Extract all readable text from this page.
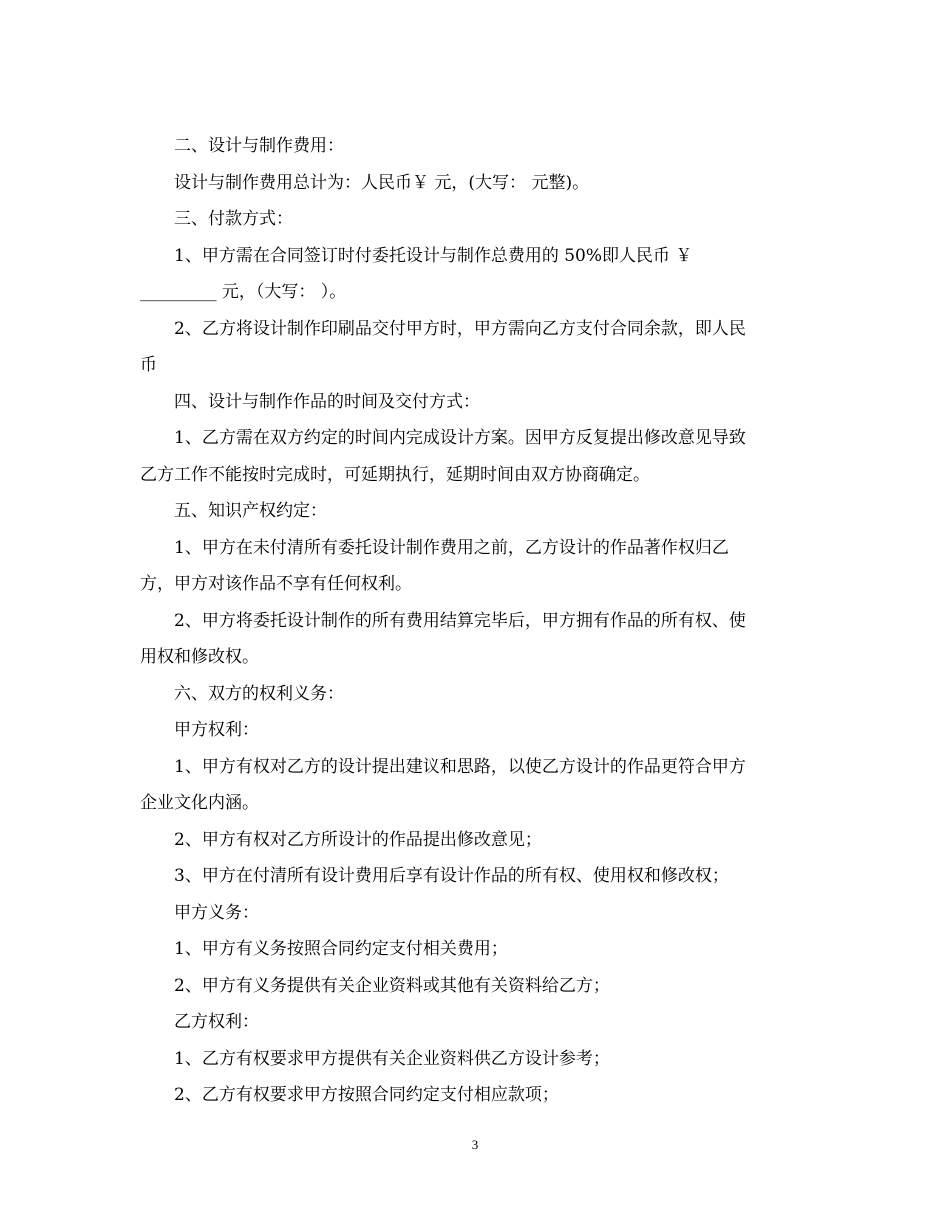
二、设计与制作费用：

设计与制作费用总计为：人民币￥ 元，(大写： 元整)。

三、付款方式：

1、甲方需在合同签订时付委托设计与制作总费用的 50%即人民币 ￥

_________ 元，（大写： ）。

2、乙方将设计制作印刷品交付甲方时，甲方需向乙方支付合同余款，即人民

币

四、设计与制作作品的时间及交付方式：

1、乙方需在双方约定的时间内完成设计方案。因甲方反复提出修改意见导致

乙方工作不能按时完成时，可延期执行，延期时间由双方协商确定。

五、知识产权约定：

1、甲方在未付清所有委托设计制作费用之前，乙方设计的作品著作权归乙

方，甲方对该作品不享有任何权利。

2、甲方将委托设计制作的所有费用结算完毕后，甲方拥有作品的所有权、使

用权和修改权。

六、双方的权利义务：

甲方权利：

1、甲方有权对乙方的设计提出建议和思路，以使乙方设计的作品更符合甲方

企业文化内涵。

2、甲方有权对乙方所设计的作品提出修改意见；

3、甲方在付清所有设计费用后享有设计作品的所有权、使用权和修改权；

甲方义务：

1、甲方有义务按照合同约定支付相关费用；

2、甲方有义务提供有关企业资料或其他有关资料给乙方；

乙方权利：

1、乙方有权要求甲方提供有关企业资料供乙方设计参考；

2、乙方有权要求甲方按照合同约定支付相应款项；

3
